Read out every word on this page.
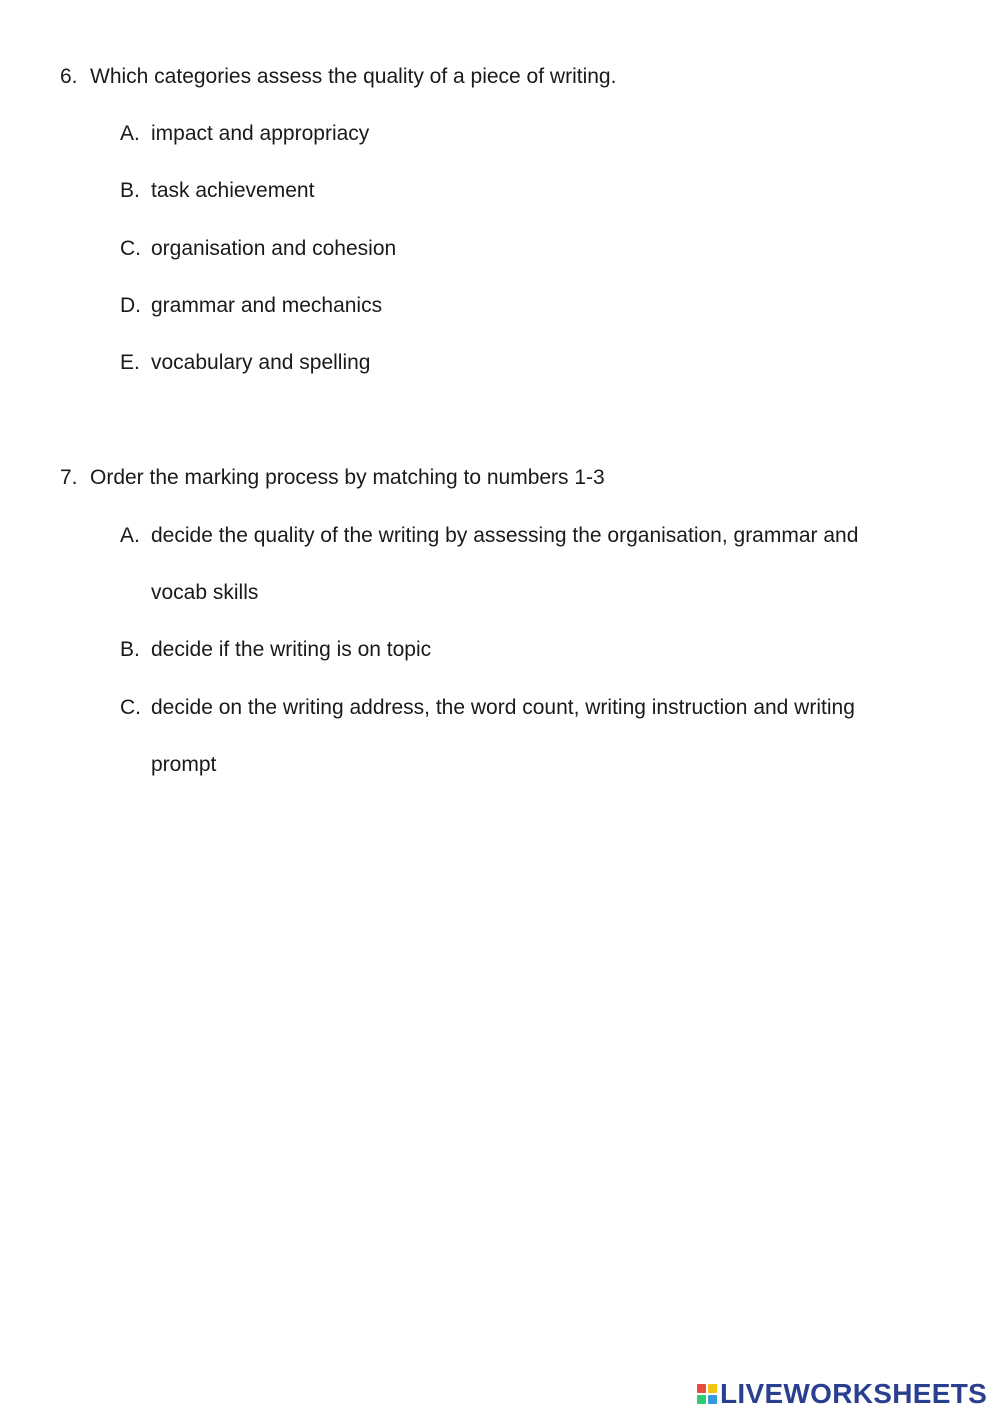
6. Which categories assess the quality of a piece of writing.
A. impact and appropriacy
B. task achievement
C. organisation and cohesion
D. grammar and mechanics
E. vocabulary and spelling
7. Order the marking process by matching to numbers 1-3
A. decide the quality of the writing by assessing the organisation, grammar and
vocab skills
B. decide if the writing is on topic
C. decide on the writing address, the word count, writing instruction and writing
prompt
LIVEWORKSHEETS
